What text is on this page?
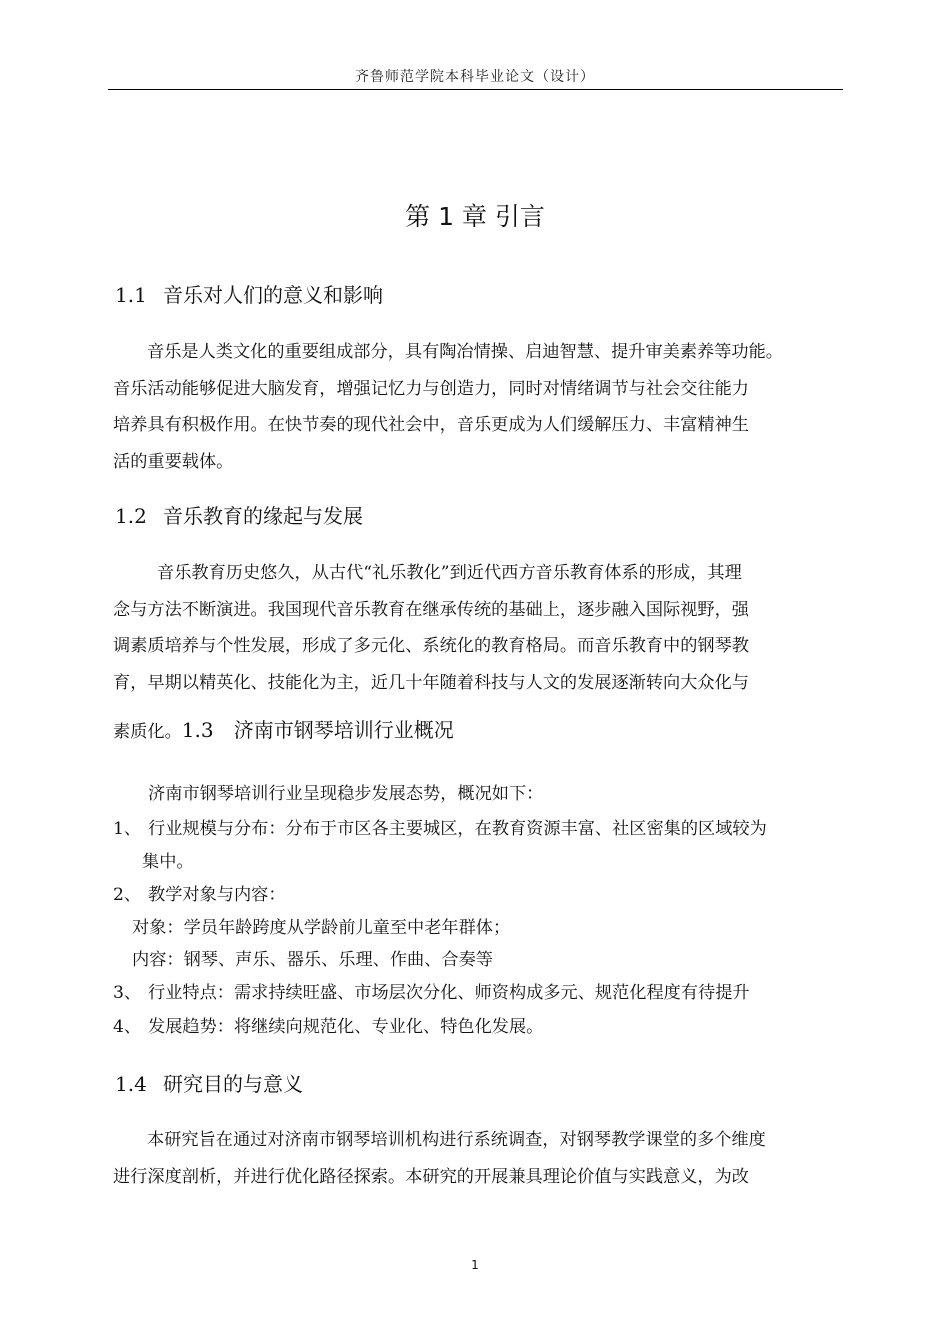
齐鲁师范学院本科毕业论文（设计）
第 1 章 引言
1.1 音乐对人们的意义和影响
音乐是人类文化的重要组成部分，具有陶冶情操、启迪智慧、提升审美素养等功能。
音乐活动能够促进大脑发育，增强记忆力与创造力，同时对情绪调节与社会交往能力
培养具有积极作用。在快节奏的现代社会中，音乐更成为人们缓解压力、丰富精神生
活的重要载体。
1.2 音乐教育的缘起与发展
音乐教育历史悠久，从古代“礼乐教化”到近代西方音乐教育体系的形成，其理
念与方法不断演进。我国现代音乐教育在继承传统的基础上，逐步融入国际视野，强
调素质培养与个性发展，形成了多元化、系统化的教育格局。而音乐教育中的钢琴教
育，早期以精英化、技能化为主，近几十年随着科技与人文的发展逐渐转向大众化与
素质化。1.3 济南市钢琴培训行业概况
济南市钢琴培训行业呈现稳步发展态势，概况如下：
1、 行业规模与分布：分布于市区各主要城区，在教育资源丰富、社区密集的区域较为
集中。
2、 教学对象与内容：
对象：学员年龄跨度从学龄前儿童至中老年群体；
内容：钢琴、声乐、器乐、乐理、作曲、合奏等
3、 行业特点：需求持续旺盛、市场层次分化、师资构成多元、规范化程度有待提升
4、 发展趋势：将继续向规范化、专业化、特色化发展。
1.4 研究目的与意义
本研究旨在通过对济南市钢琴培训机构进行系统调查，对钢琴教学课堂的多个维度
进行深度剖析，并进行优化路径探索。本研究的开展兼具理论价值与实践意义，为改
1
